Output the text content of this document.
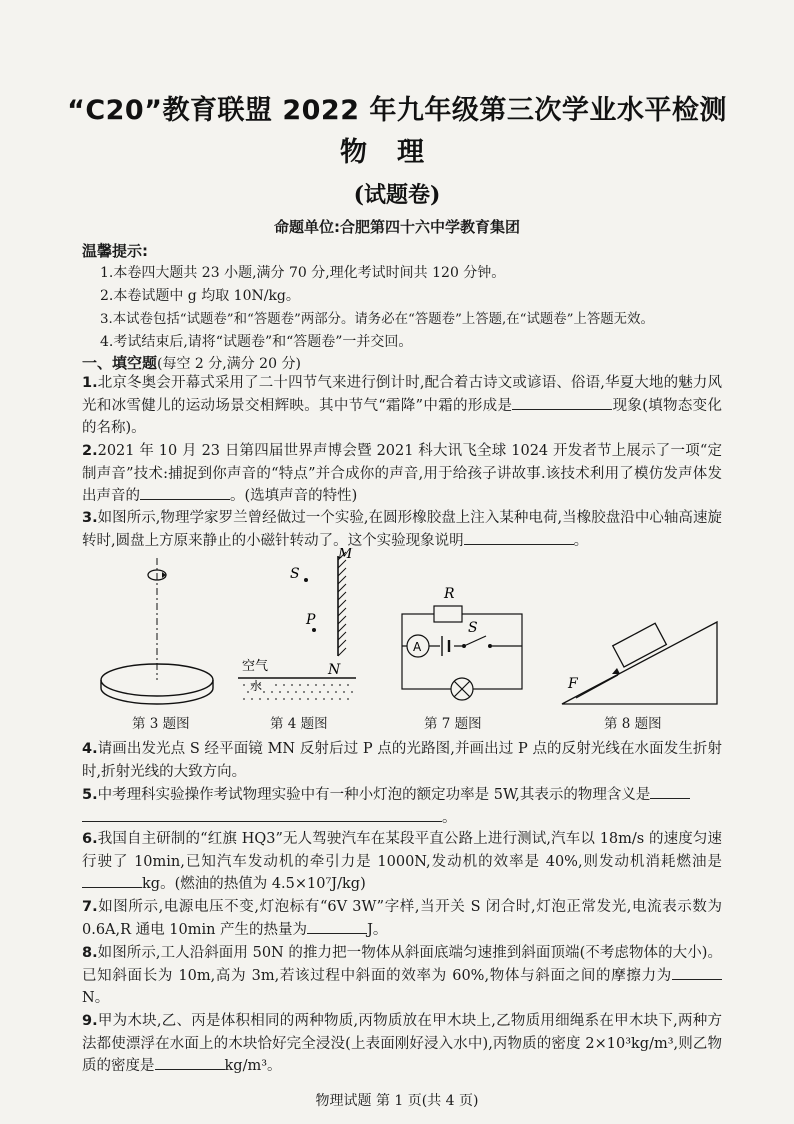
“C20”教育联盟 2022 年九年级第三次学业水平检测
物理
(试题卷)
命题单位:合肥第四十六中学教育集团
温馨提示:
1.本卷四大题共 23 小题,满分 70 分,理化考试时间共 120 分钟。
2.本卷试题中 g 均取 10N/kg。
3.本试卷包括“试题卷”和“答题卷”两部分。请务必在“答题卷”上答题,在“试题卷”上答题无效。
4.考试结束后,请将“试题卷”和“答题卷”一并交回。
一、填空题(每空 2 分,满分 20 分)
1.北京冬奥会开幕式采用了二十四节气来进行倒计时,配合着古诗文或谚语、俗语,华夏大地的魅力风光和冰雪健儿的运动场景交相辉映。其中节气“霜降”中霜的形成是	现象(填物态变化的名称)。
2.2021 年 10 月 23 日第四届世界声博会暨 2021 科大讯飞全球 1024 开发者节上展示了一项“定制声音”技术:捕捉到你声音的“特点”并合成你的声音,用于给孩子讲故事.该技术利用了模仿发声体发出声音的	。(选填声音的特性)
3.如图所示,物理学家罗兰曾经做过一个实验,在圆形橡胶盘上注入某种电荷,当橡胶盘沿中心轴高速旋转时,圆盘上方原来静止的小磁针转动了。这个实验现象说明	。
第 3 题图
M
N
S
P
空气
水
第 4 题图
R
A
S
第 7 题图
F
第 8 题图
4.请画出发光点 S 经平面镜 MN 反射后过 P 点的光路图,并画出过 P 点的反射光线在水面发生折射时,折射光线的大致方向。
5.中考理科实验操作考试物理实验中有一种小灯泡的额定功率是 5W,其表示的物理含义是
。
6.我国自主研制的“红旗 HQ3”无人驾驶汽车在某段平直公路上进行测试,汽车以 18m/s 的速度匀速行驶了 10min,已知汽车发动机的牵引力是 1000N,发动机的效率是 40%,则发动机消耗燃油是kg。(燃油的热值为 4.5×10⁷J/kg)
7.如图所示,电源电压不变,灯泡标有“6V 3W”字样,当开关 S 闭合时,灯泡正常发光,电流表示数为 0.6A,R 通电 10min 产生的热量为	J。
8.如图所示,工人沿斜面用 50N 的推力把一物体从斜面底端匀速推到斜面顶端(不考虑物体的大小)。已知斜面长为 10m,高为 3m,若该过程中斜面的效率为 60%,物体与斜面之间的摩擦力为N。
9.甲为木块,乙、丙是体积相同的两种物质,丙物质放在甲木块上,乙物质用细绳系在甲木块下,两种方法都使漂浮在水面上的木块恰好完全浸没(上表面刚好浸入水中),丙物质的密度 2×10³kg/m³,则乙物质的密度是	kg/m³。
物理试题 第 1 页(共 4 页)
